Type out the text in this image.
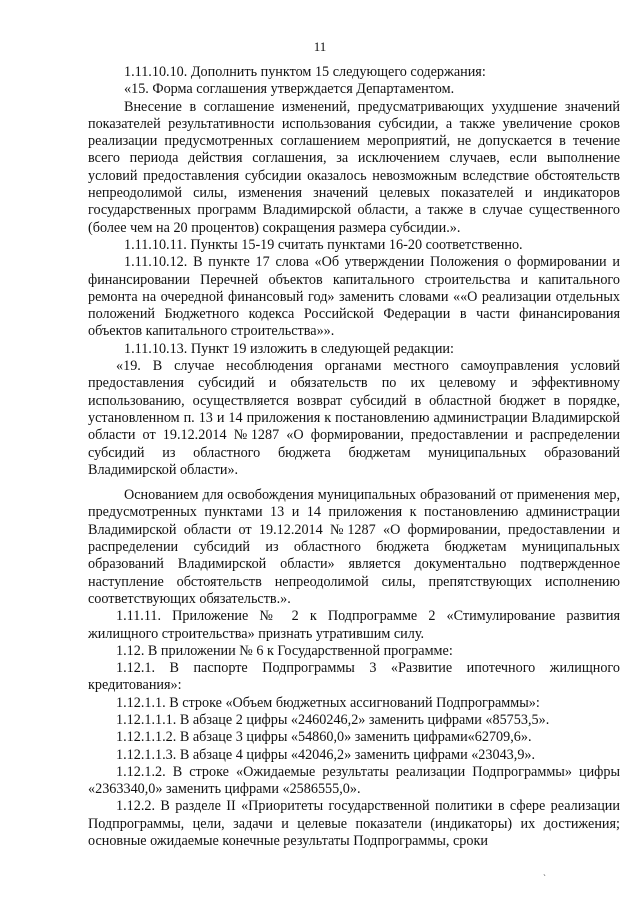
11

1.11.10.10. Дополнить пунктом 15 следующего содержания:

«15. Форма соглашения утверждается Департаментом.

Внесение в соглашение изменений, предусматривающих ухудшение значений показателей результативности использования субсидии, а также увеличение сроков реализации предусмотренных соглашением мероприятий, не допускается в течение всего периода действия соглашения, за исключением случаев, если выполнение условий предоставления субсидии оказалось невозможным вследствие обстоятельств непреодолимой силы, изменения значений целевых показателей и индикаторов государственных программ Владимирской области, а также в случае существенного (более чем на 20 процентов) сокращения размера субсидии.».

1.11.10.11. Пункты 15-19 считать пунктами 16-20 соответственно.

1.11.10.12. В пункте 17 слова «Об утверждении Положения о формировании и финансировании Перечней объектов капитального строительства и капитального ремонта на очередной финансовый год» заменить словами ««О реализации отдельных положений Бюджетного кодекса Российской Федерации в части финансирования объектов капитального строительства»».

1.11.10.13. Пункт 19 изложить в следующей редакции:

«19. В случае несоблюдения органами местного самоуправления условий предоставления субсидий и обязательств по их целевому и эффективному использованию, осуществляется возврат субсидий в областной бюджет в порядке, установленном п. 13 и 14 приложения к постановлению администрации Владимирской области от 19.12.2014 №1287 «О формировании, предоставлении и распределении субсидий из областного бюджета бюджетам муниципальных образований Владимирской области».

Основанием для освобождения муниципальных образований от применения мер, предусмотренных пунктами 13 и 14 приложения к постановлению администрации Владимирской области от 19.12.2014 №1287 «О формировании, предоставлении и распределении субсидий из областного бюджета бюджетам муниципальных образований Владимирской области» является документально подтвержденное наступление обстоятельств непреодолимой силы, препятствующих исполнению соответствующих обязательств.».

1.11.11. Приложение № 2 к Подпрограмме 2 «Стимулирование развития жилищного строительства» признать утратившим силу.

1.12. В приложении № 6 к Государственной программе:

1.12.1. В паспорте Подпрограммы 3 «Развитие ипотечного жилищного кредитования»:

1.12.1.1. В строке «Объем бюджетных ассигнований Подпрограммы»:

1.12.1.1.1. В абзаце 2 цифры «2460246,2» заменить цифрами «85753,5».

1.12.1.1.2. В абзаце 3 цифры «54860,0» заменить цифрами«62709,6».

1.12.1.1.3. В абзаце 4 цифры «42046,2» заменить цифрами «23043,9».

1.12.1.2. В строке «Ожидаемые результаты реализации Подпрограммы» цифры «2363340,0» заменить цифрами «2586555,0».

1.12.2. В разделе II «Приоритеты государственной политики в сфере реализации Подпрограммы, цели, задачи и целевые показатели (индикаторы) их достижения; основные ожидаемые конечные результаты Подпрограммы, сроки

`
